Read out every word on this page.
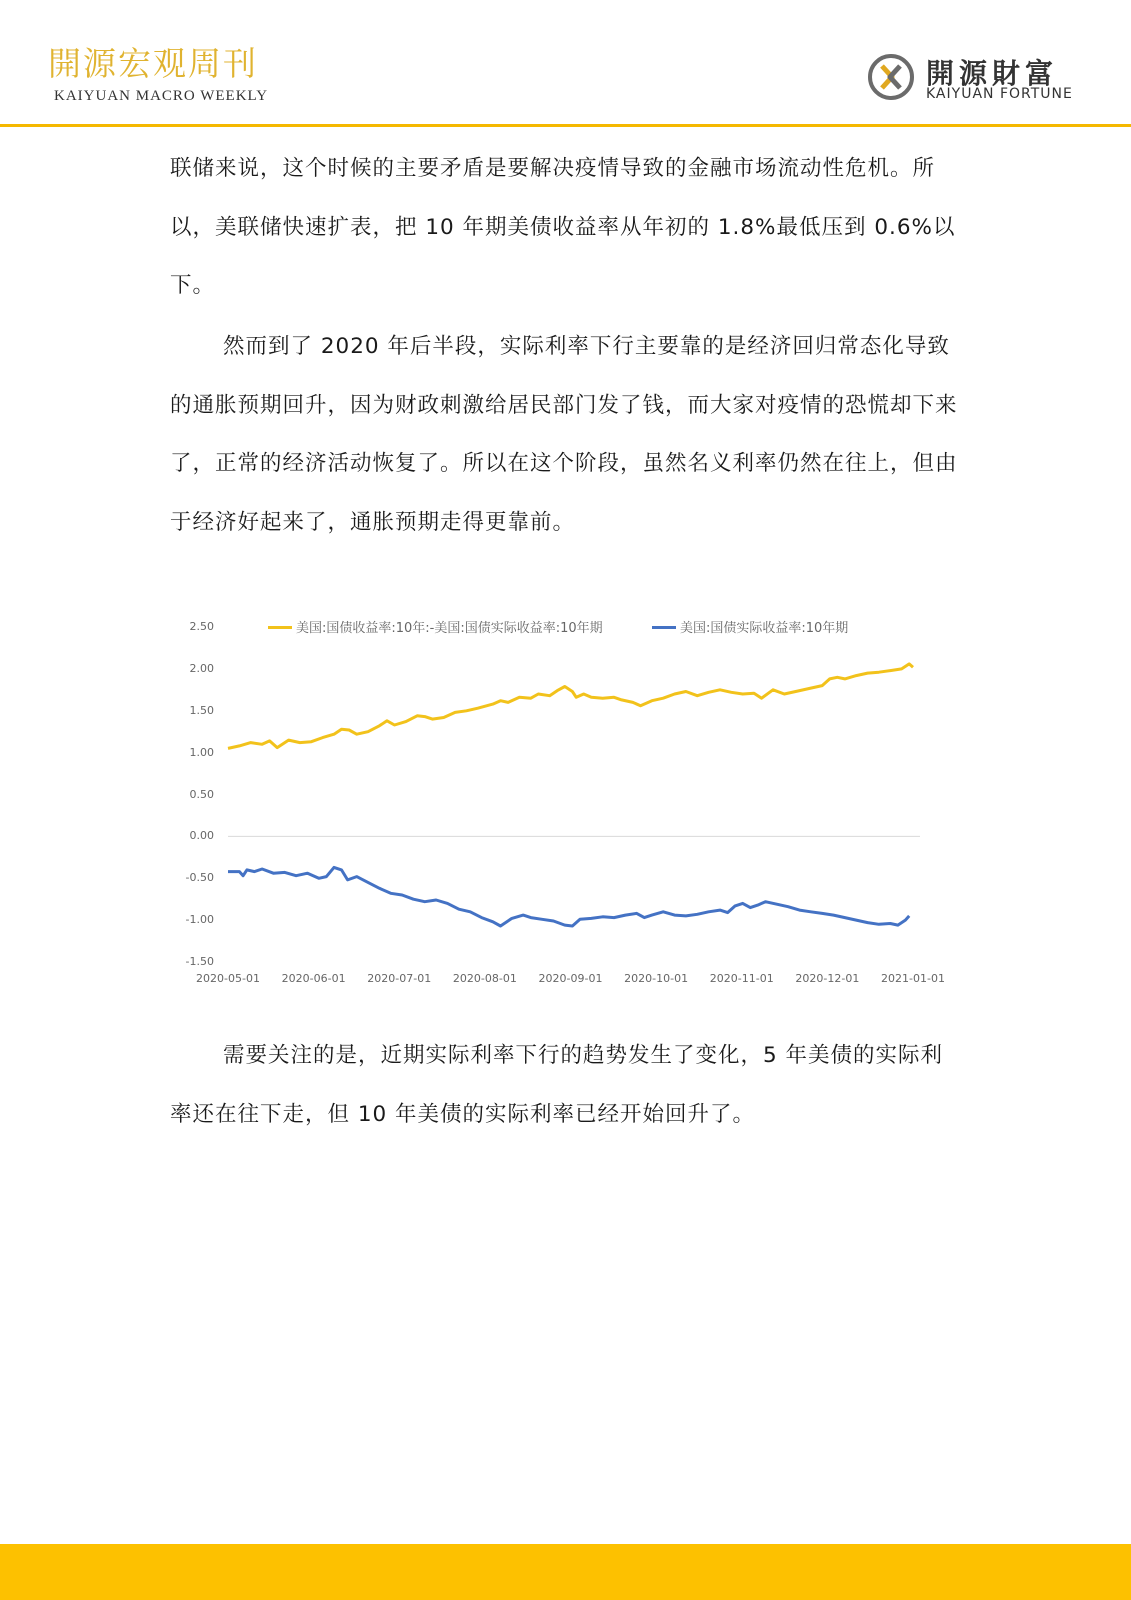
開源宏观周刊
KAIYUAN MACRO WEEKLY
開源財富
KAIYUAN FORTUNE

联储来说，这个时候的主要矛盾是要解决疫情导致的金融市场流动性危机。所以，美联储快速扩表，把 10 年期美债收益率从年初的 1.8%最低压到 0.6%以下。

然而到了 2020 年后半段，实际利率下行主要靠的是经济回归常态化导致的通胀预期回升，因为财政刺激给居民部门发了钱，而大家对疫情的恐慌却下来了，正常的经济活动恢复了。所以在这个阶段，虽然名义利率仍然在往上，但由于经济好起来了，通胀预期走得更靠前。

美国:国债收益率:10年:-美国:国债实际收益率:10年期	美国:国债实际收益率:10年期
2.50
2.00
1.50
1.00
0.50
0.00
-0.50
-1.00
-1.50
2020-05-01 2020-06-01 2020-07-01 2020-08-01 2020-09-01 2020-10-01 2020-11-01 2020-12-01 2021-01-01

需要关注的是，近期实际利率下行的趋势发生了变化，5 年美债的实际利率还在往下走，但 10 年美债的实际利率已经开始回升了。
